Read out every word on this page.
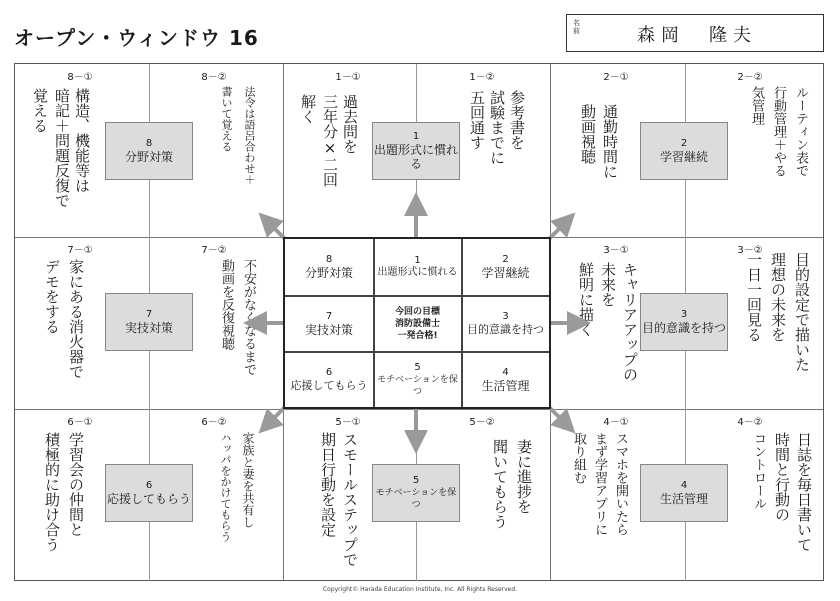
オープン・ウィンドウ 16
名前	森岡　隆夫
8－①	8－②
8
分野対策
構造、機能等は
暗記＋問題反復で
覚える	法令は語呂合わせ＋
書いて覚える
1－①	1－②
1
出題形式に慣れる
過去問を
三年分×二回
解く	参考書を
試験までに
五回通す
2－①	2－②
2
学習継続
通勤時間に
動画視聴	ルーティン表で
行動管理＋やる
気管理
7－①	7－②
7
実技対策
家にある消火器で
デモをする	不安がなくなるまで
動画を反復視聴
3－①	3－②
3
目的意識を持つ
キャリアアップの
未来を
鮮明に描く	目的設定で描いた
理想の未来を
一日一回見る
6－①	6－②
6
応援してもらう
学習会の仲間と
積極的に助け合う	家族と妻を共有し
ハッパをかけてもらう
5－①	5－②
5
モチベーションを保つ
スモールステップで
期日行動を設定	妻に進捗を
聞いてもらう
4－①	4－②
4
生活管理
スマホを開いたら
まず学習アプリに
取り組む	日誌を毎日書いて
時間と行動の
コントロール
8
分野対策
1
出題形式に慣れる
2
学習継続
7
実技対策
今回の目標
消防設備士
一発合格!
3
目的意識を持つ
6
応援してもらう
5
モチベーションを保つ
4
生活管理
Copyright© Harada Education Institute, Inc. All Rights Reserved.
